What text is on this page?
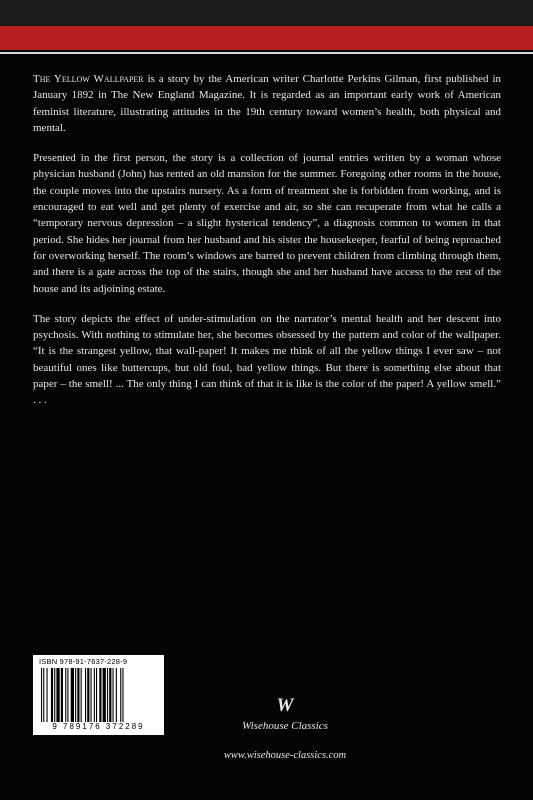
The Yellow Wallpaper is a story by the American writer Charlotte Perkins Gilman, first published in January 1892 in The New England Magazine. It is regarded as an important early work of American feminist literature, illustrating attitudes in the 19th century toward women’s health, both physical and mental.

Presented in the first person, the story is a collection of journal entries written by a woman whose physician husband (John) has rented an old mansion for the summer. Foregoing other rooms in the house, the couple moves into the upstairs nursery. As a form of treatment she is forbidden from working, and is encouraged to eat well and get plenty of exercise and air, so she can recuperate from what he calls a “temporary nervous depression – a slight hysterical tendency”, a diagnosis common to women in that period. She hides her journal from her husband and his sister the housekeeper, fearful of being reproached for overworking herself. The room’s windows are barred to prevent children from climbing through them, and there is a gate across the top of the stairs, though she and her husband have access to the rest of the house and its adjoining estate.

The story depicts the effect of under-stimulation on the narrator’s mental health and her descent into psychosis. With nothing to stimulate her, she becomes obsessed by the pattern and color of the wallpaper. “It is the strangest yellow, that wall-paper! It makes me think of all the yellow things I ever saw – not beautiful ones like buttercups, but old foul, bad yellow things. But there is something else about that paper – the smell! ... The only thing I can think of that it is like is the color of the paper! A yellow smell.” . . .

ISBN 978-91-7637-228-9
9 789176 372289
W
Wisehouse Classics
www.wisehouse-classics.com
